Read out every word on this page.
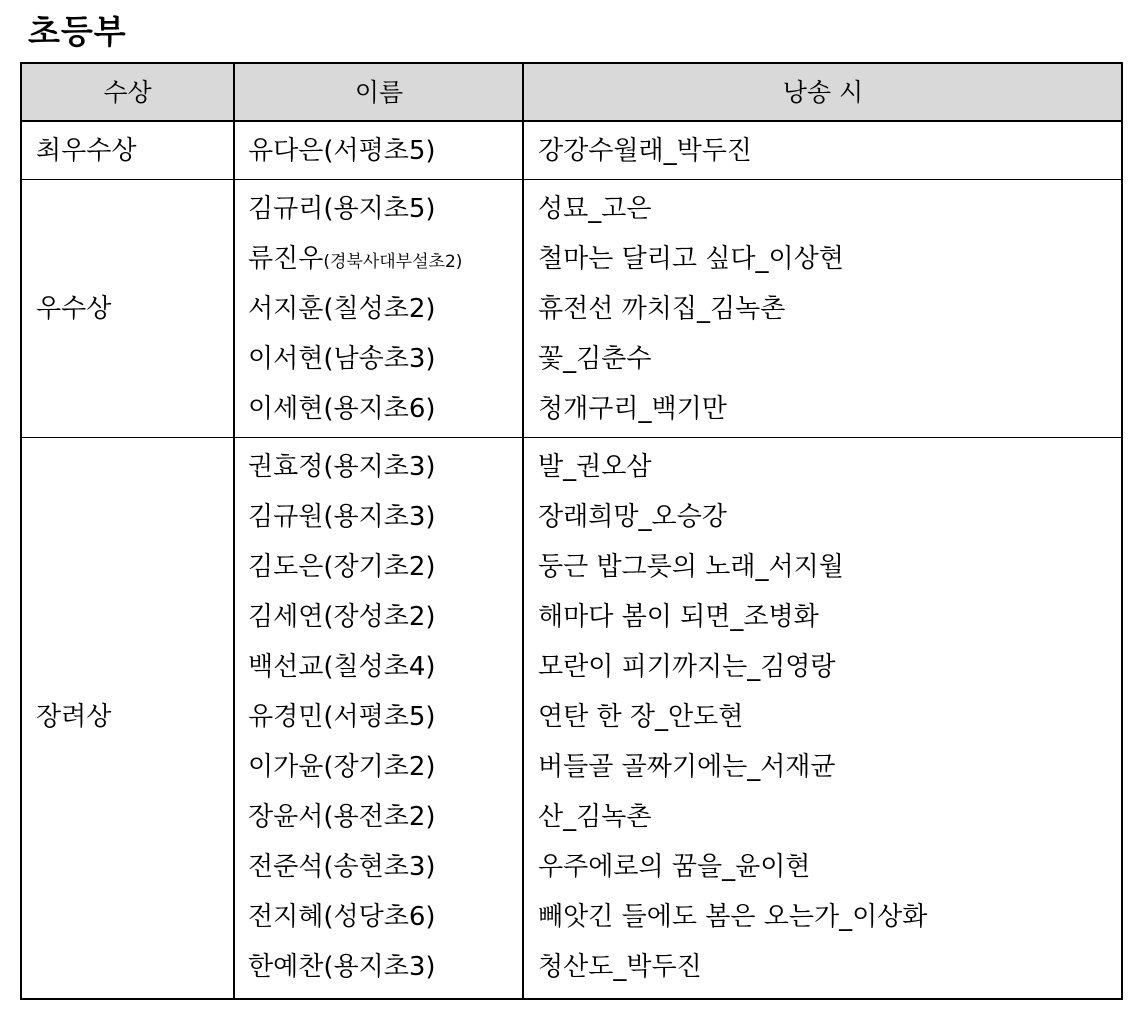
초등부
수상	이름	낭송 시
최우수상	유다은(서평초5)	강강수월래_박두진
우수상
김규리(용지초5)	성묘_고은
류진우(경북사대부설초2)	철마는 달리고 싶다_이상현
서지훈(칠성초2)	휴전선 까치집_김녹촌
이서현(남송초3)	꽃_김춘수
이세현(용지초6)	청개구리_백기만
장려상
권효정(용지초3)	발_권오삼
김규원(용지초3)	장래희망_오승강
김도은(장기초2)	둥근 밥그릇의 노래_서지월
김세연(장성초2)	해마다 봄이 되면_조병화
백선교(칠성초4)	모란이 피기까지는_김영랑
유경민(서평초5)	연탄 한 장_안도현
이가윤(장기초2)	버들골 골짜기에는_서재균
장윤서(용전초2)	산_김녹촌
전준석(송현초3)	우주에로의 꿈을_윤이현
전지혜(성당초6)	빼앗긴 들에도 봄은 오는가_이상화
한예찬(용지초3)	청산도_박두진
